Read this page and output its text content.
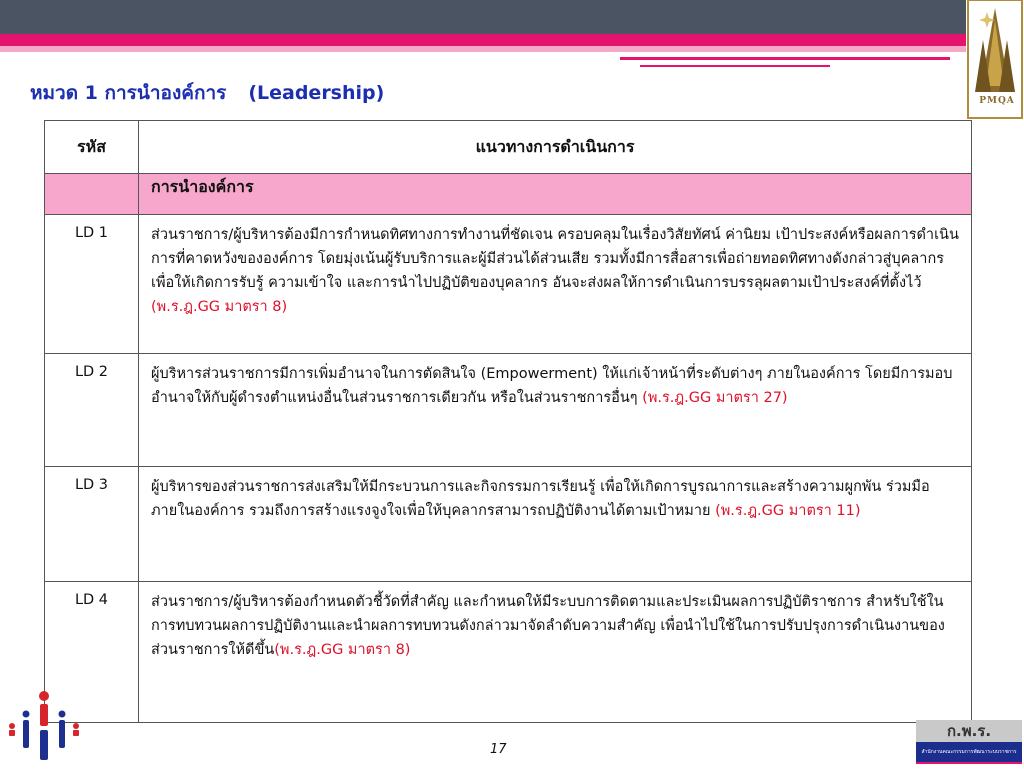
PMQA
หมวด 1 การนำองค์การ (Leadership)
รหัส	แนวทางการดำเนินการ
	การนำองค์การ
LD 1	ส่วนราชการ/ผู้บริหารต้องมีการกำหนดทิศทางการทำงานที่ชัดเจน ครอบคลุมในเรื่องวิสัยทัศน์ ค่านิยม เป้าประสงค์หรือผลการดำเนินการที่คาดหวังขององค์การ โดยมุ่งเน้นผู้รับบริการและผู้มีส่วนได้ส่วนเสีย รวมทั้งมีการสื่อสารเพื่อถ่ายทอดทิศทางดังกล่าวสู่บุคลากร เพื่อให้เกิดการรับรู้ ความเข้าใจ และการนำไปปฏิบัติของบุคลากร อันจะส่งผลให้การดำเนินการบรรลุผลตามเป้าประสงค์ที่ตั้งไว้ (พ.ร.ฎ.GG มาตรา 8)
LD 2	ผู้บริหารส่วนราชการมีการเพิ่มอำนาจในการตัดสินใจ (Empowerment) ให้แก่เจ้าหน้าที่ระดับต่างๆ ภายในองค์การ โดยมีการมอบอำนาจให้กับผู้ดำรงตำแหน่งอื่นในส่วนราชการเดียวกัน หรือในส่วนราชการอื่นๆ (พ.ร.ฎ.GG มาตรา 27)
LD 3	ผู้บริหารของส่วนราชการส่งเสริมให้มีกระบวนการและกิจกรรมการเรียนรู้ เพื่อให้เกิดการบูรณาการและสร้างความผูกพัน ร่วมมือภายในองค์การ รวมถึงการสร้างแรงจูงใจเพื่อให้บุคลากรสามารถปฏิบัติงานได้ตามเป้าหมาย (พ.ร.ฎ.GG มาตรา 11)
LD 4	ส่วนราชการ/ผู้บริหารต้องกำหนดตัวชี้วัดที่สำคัญ และกำหนดให้มีระบบการติดตามและประเมินผลการปฏิบัติราชการ สำหรับใช้ในการทบทวนผลการปฏิบัติงานและนำผลการทบทวนดังกล่าวมาจัดลำดับความสำคัญ เพื่อนำไปใช้ในการปรับปรุงการดำเนินงานของส่วนราชการให้ดีขึ้น(พ.ร.ฎ.GG มาตรา 8)
17
ก.พ.ร.
สำนักงานคณะกรรมการพัฒนาระบบราชการ
